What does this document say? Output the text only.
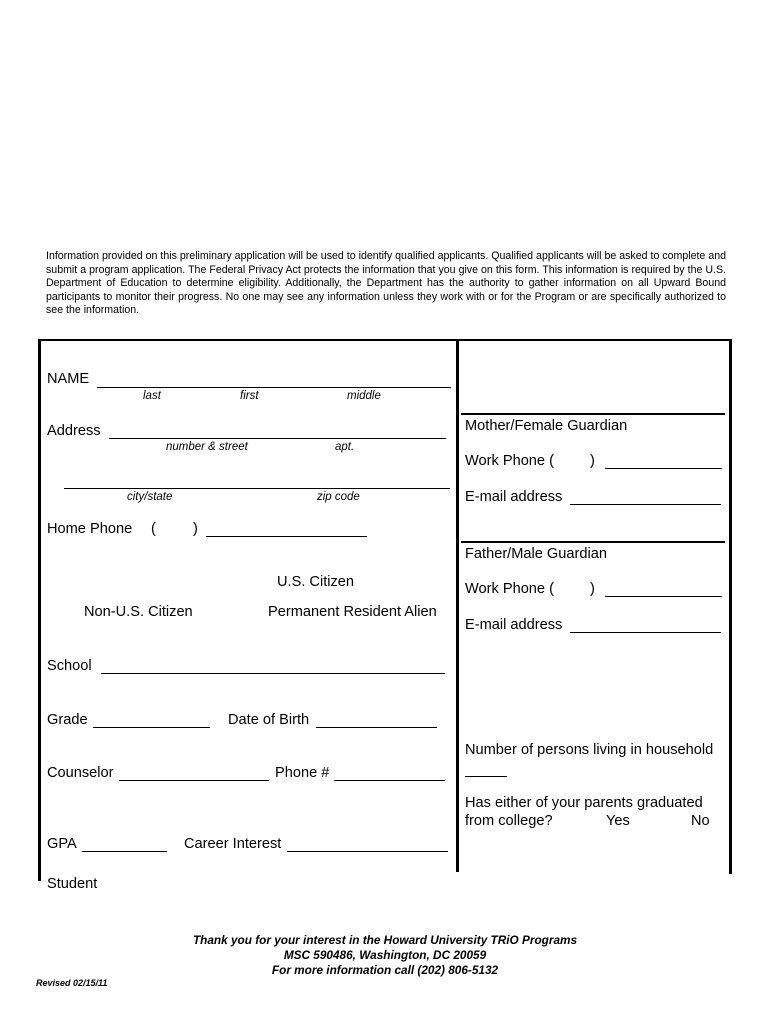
Information provided on this preliminary application will be used to identify qualified applicants. Qualified applicants will be asked to complete and submit a program application. The Federal Privacy Act protects the information that you give on this form. This information is required by the U.S. Department of Education to determine eligibility. Additionally, the Department has the authority to gather information on all Upward Bound participants to monitor their progress. No one may see any information unless they work with or for the Program or are specifically authorized to see the information.
NAME
last	first	middle
Address
number & street	apt.
city/state	zip code
Home Phone (	)
U.S. Citizen
Non-U.S. Citizen	Permanent Resident Alien
School
Grade	Date of Birth
Counselor	Phone #
GPA	Career Interest
Student
Mother/Female Guardian
Work Phone ( )
E-mail address
Father/Male Guardian
Work Phone ( )
E-mail address
Number of persons living in household
Has either of your parents graduated
from college?	Yes	No
Thank you for your interest in the Howard University TRiO Programs
MSC 590486, Washington, DC 20059
For more information call (202) 806-5132
Revised 02/15/11
